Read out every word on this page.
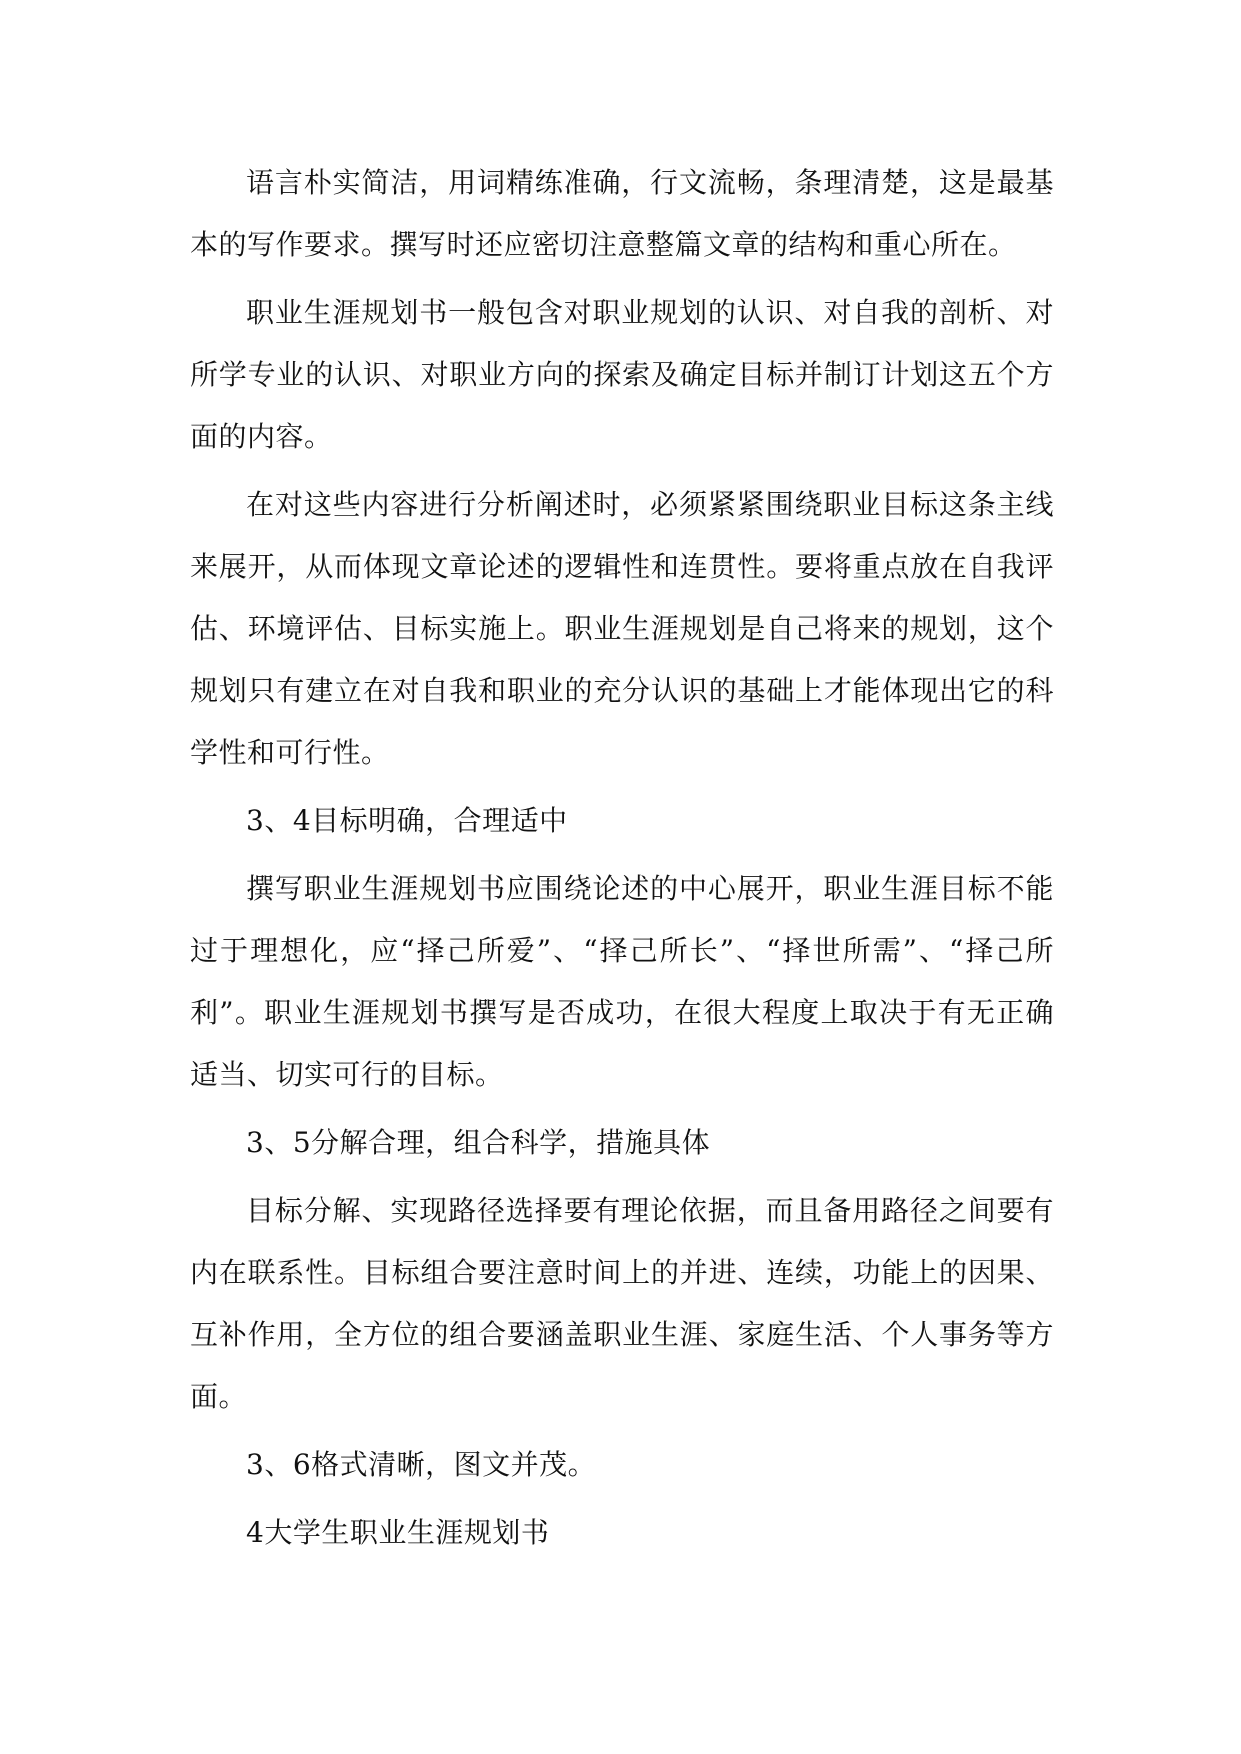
语言朴实简洁，用词精练准确，行文流畅，条理清楚，这是最基本的写作要求。撰写时还应密切注意整篇文章的结构和重心所在。

职业生涯规划书一般包含对职业规划的认识、对自我的剖析、对所学专业的认识、对职业方向的探索及确定目标并制订计划这五个方面的内容。

在对这些内容进行分析阐述时，必须紧紧围绕职业目标这条主线来展开，从而体现文章论述的逻辑性和连贯性。要将重点放在自我评估、环境评估、目标实施上。职业生涯规划是自己将来的规划，这个规划只有建立在对自我和职业的充分认识的基础上才能体现出它的科学性和可行性。

3、4目标明确，合理适中

撰写职业生涯规划书应围绕论述的中心展开，职业生涯目标不能过于理想化，应“择己所爱”、“择己所长”、“择世所需”、“择己所利”。职业生涯规划书撰写是否成功，在很大程度上取决于有无正确适当、切实可行的目标。

3、5分解合理，组合科学，措施具体

目标分解、实现路径选择要有理论依据，而且备用路径之间要有内在联系性。目标组合要注意时间上的并进、连续，功能上的因果、互补作用，全方位的组合要涵盖职业生涯、家庭生活、个人事务等方面。

3、6格式清晰，图文并茂。

4大学生职业生涯规划书
